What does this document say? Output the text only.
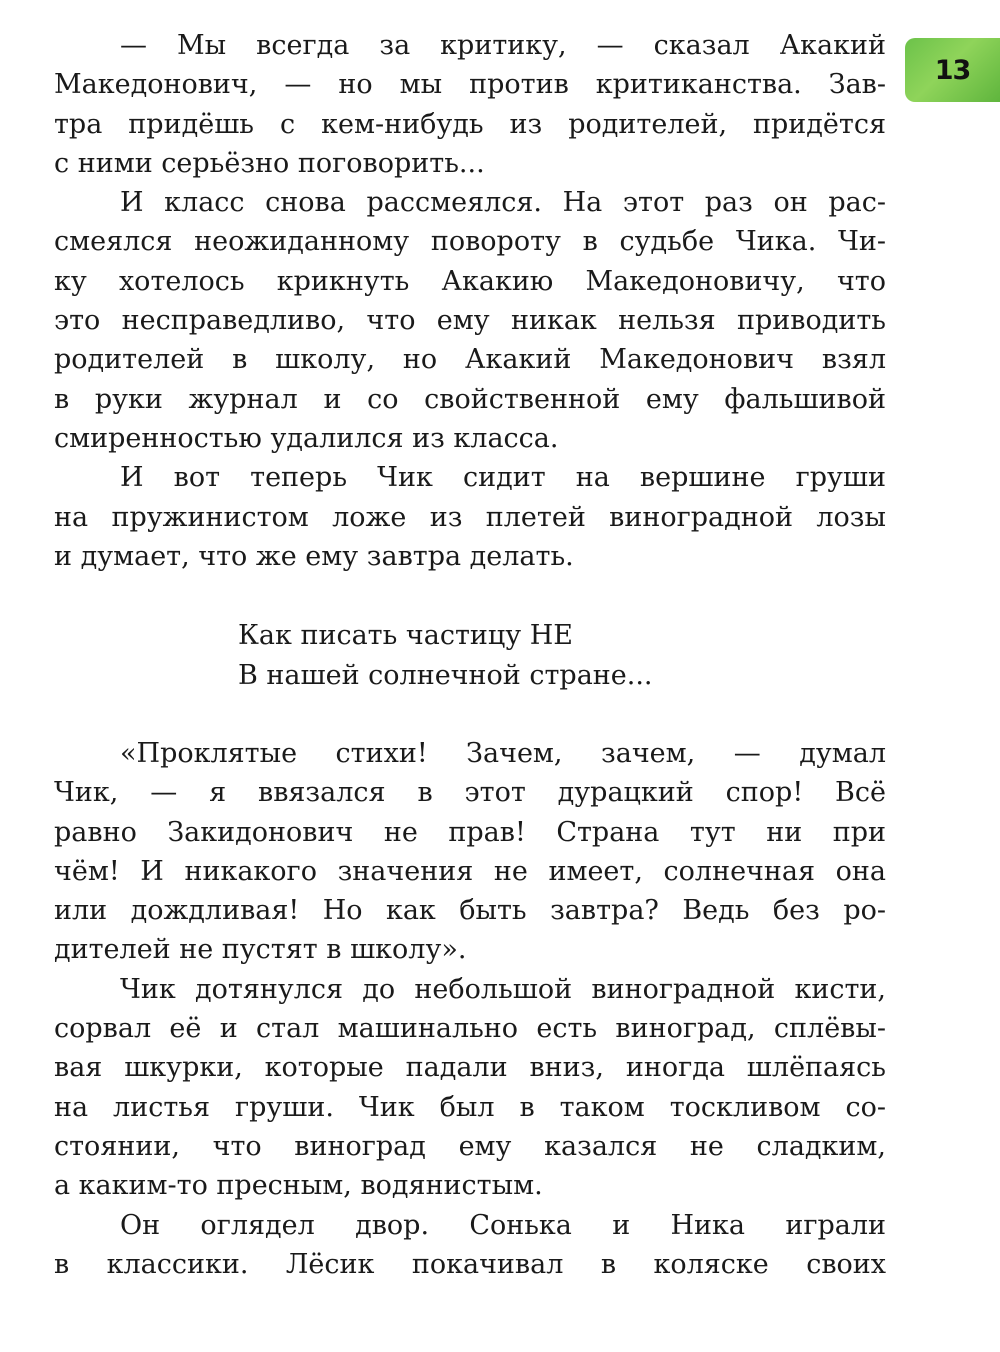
13
— Мы всегда за критику, — сказал Акакий
Македонович, — но мы против критиканства. Зав-
тра придёшь с кем-нибудь из родителей, придётся
с ними серьёзно поговорить...
И класс снова рассмеялся. На этот раз он рас-
смеялся неожиданному повороту в судьбе Чика. Чи-
ку хотелось крикнуть Акакию Македоновичу, что
это несправедливо, что ему никак нельзя приводить
родителей в школу, но Акакий Македонович взял
в руки журнал и со свойственной ему фальшивой
смиренностью удалился из класса.
И вот теперь Чик сидит на вершине груши
на пружинистом ложе из плетей виноградной лозы
и думает, что же ему завтра делать.
Как писать частицу НЕ
В нашей солнечной стране...
«Проклятые стихи! Зачем, зачем, — думал
Чик, — я ввязался в этот дурацкий спор! Всё
равно Закидонович не прав! Страна тут ни при
чём! И никакого значения не имеет, солнечная она
или дождливая! Но как быть завтра? Ведь без ро-
дителей не пустят в школу».
Чик дотянулся до небольшой виноградной кисти,
сорвал её и стал машинально есть виноград, сплёвы-
вая шкурки, которые падали вниз, иногда шлёпаясь
на листья груши. Чик был в таком тоскливом со-
стоянии, что виноград ему казался не сладким,
а каким-то пресным, водянистым.
Он оглядел двор. Сонька и Ника играли
в классики. Лёсик покачивал в коляске своих
